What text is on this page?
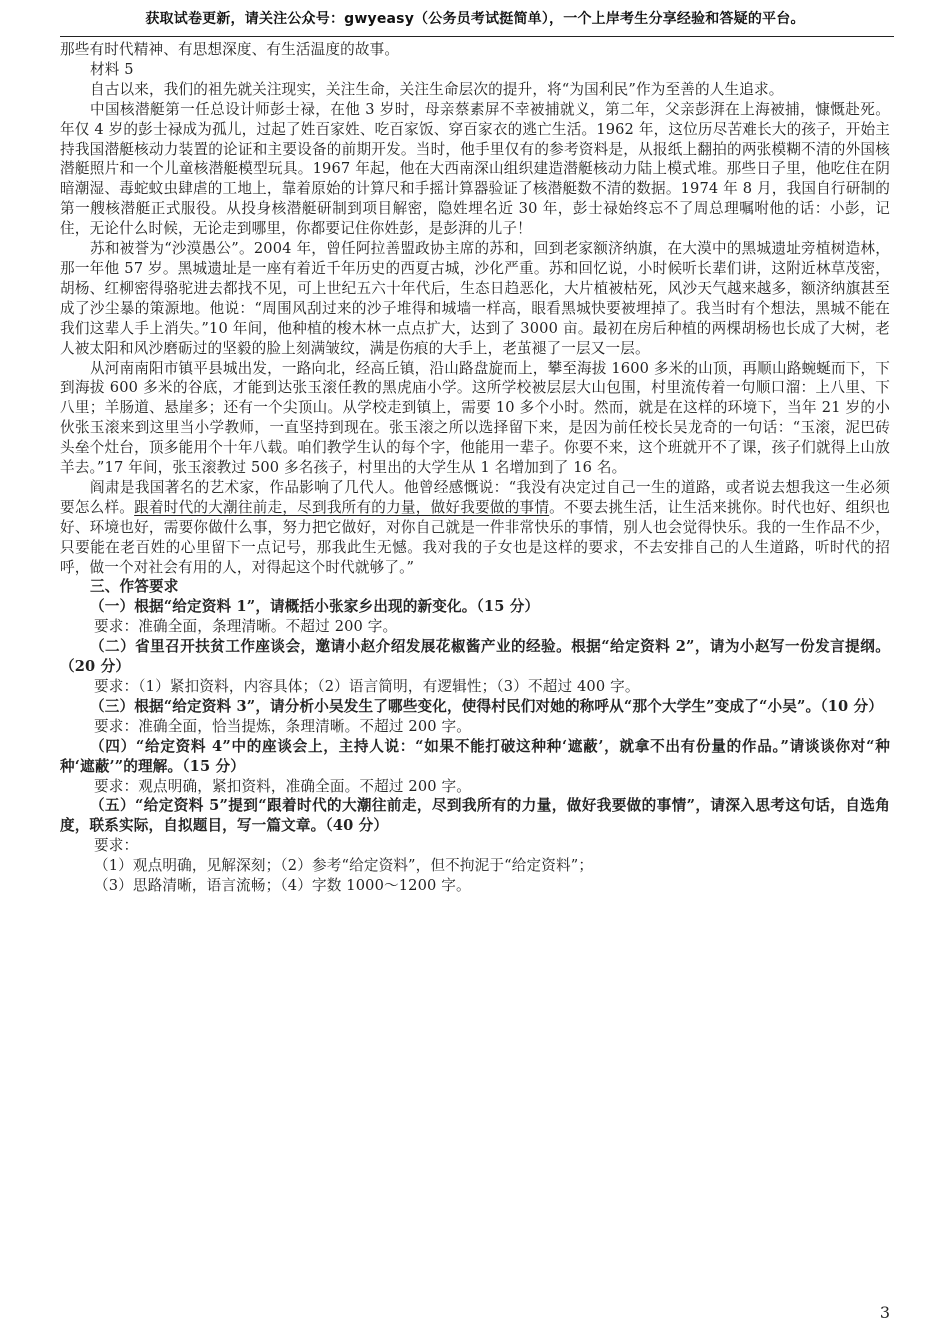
获取试卷更新，请关注公众号：gwyeasy（公务员考试挺简单），一个上岸考生分享经验和答疑的平台。

那些有时代精神、有思想深度、有生活温度的故事。

材料 5

自古以来，我们的祖先就关注现实，关注生命，关注生命层次的提升，将“为国利民”作为至善的人生追求。

中国核潜艇第一任总设计师彭士禄，在他 3 岁时，母亲蔡素屏不幸被捕就义，第二年，父亲彭湃在上海被捕，慷慨赴死。年仅 4 岁的彭士禄成为孤儿，过起了姓百家姓、吃百家饭、穿百家衣的逃亡生活。1962 年，这位历尽苦难长大的孩子，开始主持我国潜艇核动力装置的论证和主要设备的前期开发。当时，他手里仅有的参考资料是，从报纸上翻拍的两张模糊不清的外国核潜艇照片和一个儿童核潜艇模型玩具。1967 年起，他在大西南深山组织建造潜艇核动力陆上模式堆。那些日子里，他吃住在阴暗潮湿、毒蛇蚊虫肆虐的工地上，靠着原始的计算尺和手摇计算器验证了核潜艇数不清的数据。1974 年 8 月，我国自行研制的第一艘核潜艇正式服役。从投身核潜艇研制到项目解密，隐姓埋名近 30 年，彭士禄始终忘不了周总理嘱咐他的话：小彭，记住，无论什么时候，无论走到哪里，你都要记住你姓彭，是彭湃的儿子！

苏和被誉为“沙漠愚公”。2004 年，曾任阿拉善盟政协主席的苏和，回到老家额济纳旗，在大漠中的黑城遗址旁植树造林，那一年他 57 岁。黑城遗址是一座有着近千年历史的西夏古城，沙化严重。苏和回忆说，小时候听长辈们讲，这附近林草茂密，胡杨、红柳密得骆驼进去都找不见，可上世纪五六十年代后，生态日趋恶化，大片植被枯死，风沙天气越来越多，额济纳旗甚至成了沙尘暴的策源地。他说：“周围风刮过来的沙子堆得和城墙一样高，眼看黑城快要被埋掉了。我当时有个想法，黑城不能在我们这辈人手上消失。”10 年间，他种植的梭木林一点点扩大，达到了 3000 亩。最初在房后种植的两棵胡杨也长成了大树，老人被太阳和风沙磨砺过的坚毅的脸上刻满皱纹，满是伤痕的大手上，老茧褪了一层又一层。

从河南南阳市镇平县城出发，一路向北，经高丘镇，沿山路盘旋而上，攀至海拔 1600 多米的山顶，再顺山路蜿蜒而下，下到海拔 600 多米的谷底，才能到达张玉滚任教的黑虎庙小学。这所学校被层层大山包围，村里流传着一句顺口溜：上八里、下八里；羊肠道、悬崖多；还有一个尖顶山。从学校走到镇上，需要 10 多个小时。然而，就是在这样的环境下，当年 21 岁的小伙张玉滚来到这里当小学教师，一直坚持到现在。张玉滚之所以选择留下来，是因为前任校长吴龙奇的一句话：“玉滚，泥巴砖头垒个灶台，顶多能用个十年八载。咱们教学生认的每个字，他能用一辈子。你要不来，这个班就开不了课，孩子们就得上山放羊去。”17 年间，张玉滚教过 500 多名孩子，村里出的大学生从 1 名增加到了 16 名。

阎肃是我国著名的艺术家，作品影响了几代人。他曾经感慨说：“我没有决定过自己一生的道路，或者说去想我这一生必须要怎么样。跟着时代的大潮往前走，尽到我所有的力量，做好我要做的事情。不要去挑生活，让生活来挑你。时代也好、组织也好、环境也好，需要你做什么事，努力把它做好，对你自己就是一件非常快乐的事情，别人也会觉得快乐。我的一生作品不少，只要能在老百姓的心里留下一点记号，那我此生无憾。我对我的子女也是这样的要求，不去安排自己的人生道路，听时代的招呼，做一个对社会有用的人，对得起这个时代就够了。”

三、作答要求

（一）根据“给定资料 1”，请概括小张家乡出现的新变化。（15 分）

要求：准确全面，条理清晰。不超过 200 字。

（二）省里召开扶贫工作座谈会，邀请小赵介绍发展花椒酱产业的经验。根据“给定资料 2”，请为小赵写一份发言提纲。（20 分）

要求：（1）紧扣资料，内容具体；（2）语言简明，有逻辑性；（3）不超过 400 字。

（三）根据“给定资料 3”，请分析小吴发生了哪些变化，使得村民们对她的称呼从“那个大学生”变成了“小吴”。（10 分）

要求：准确全面，恰当提炼，条理清晰。不超过 200 字。

（四）“给定资料 4”中的座谈会上，主持人说：“如果不能打破这种种‘遮蔽’，就拿不出有份量的作品。”请谈谈你对“种种‘遮蔽’”的理解。（15 分）

要求：观点明确，紧扣资料，准确全面。不超过 200 字。

（五）“给定资料 5”提到“跟着时代的大潮往前走，尽到我所有的力量，做好我要做的事情”，请深入思考这句话，自选角度，联系实际，自拟题目，写一篇文章。（40 分）

要求：

（1）观点明确，见解深刻；（2）参考“给定资料”，但不拘泥于“给定资料”；

（3）思路清晰，语言流畅；（4）字数 1000～1200 字。

3
